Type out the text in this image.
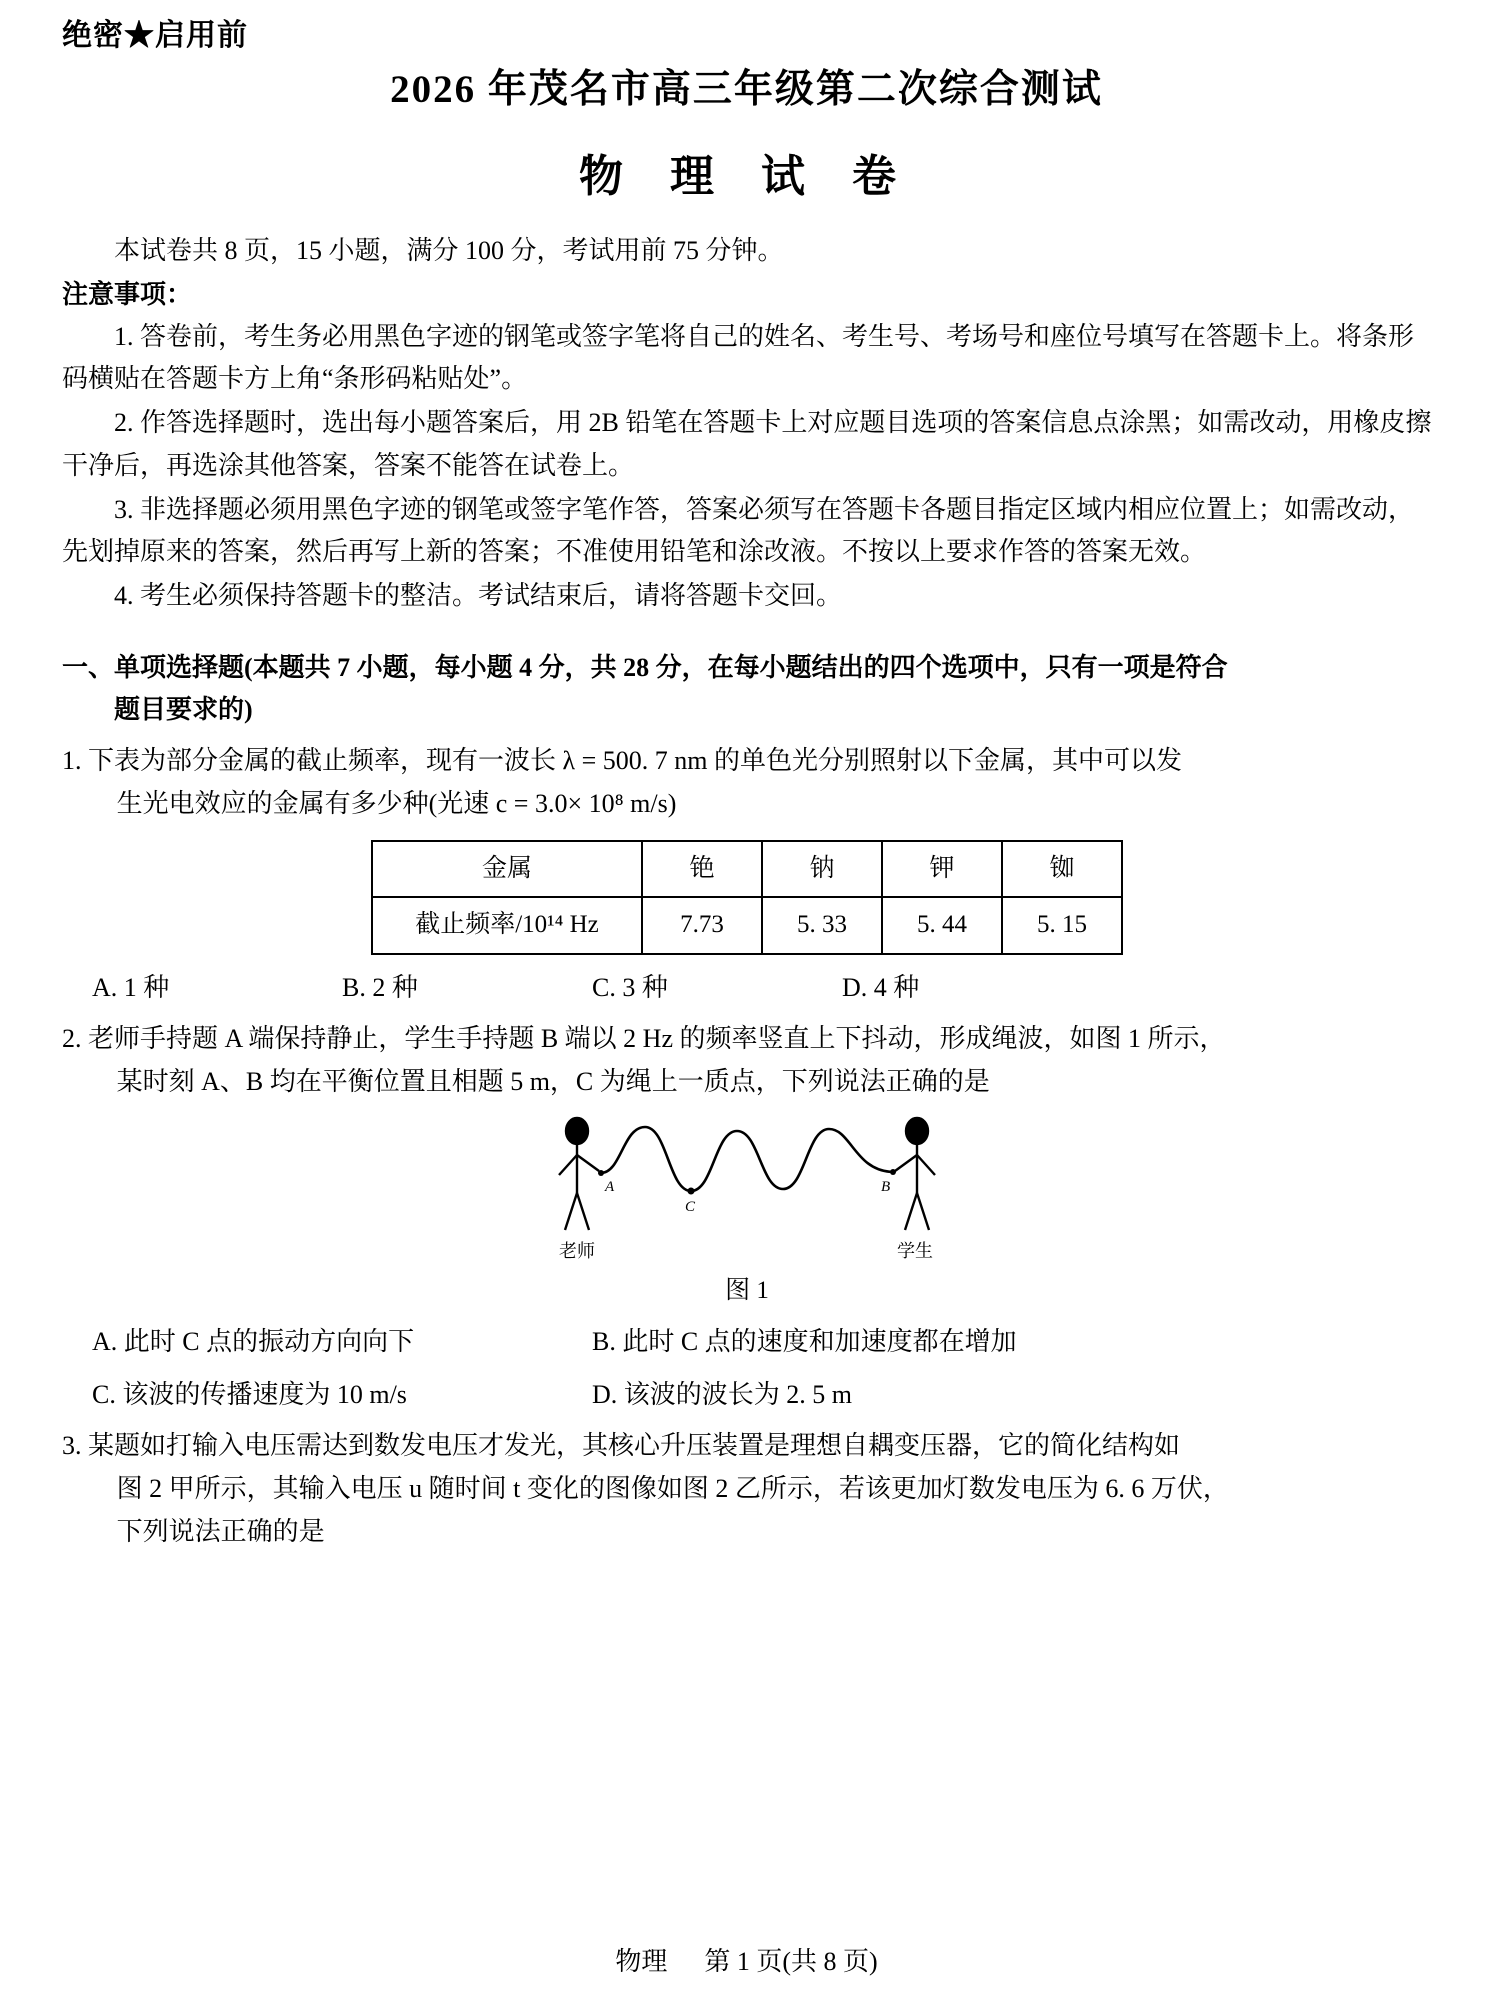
绝密★启用前
2026 年茂名市高三年级第二次综合测试
物 理 试 卷

本试卷共 8 页，15 小题，满分 100 分，考试用前 75 分钟。

注意事项：

1. 答卷前，考生务必用黑色字迹的钢笔或签字笔将自己的姓名、考生号、考场号和座位号填写在答题卡上。将条形码横贴在答题卡方上角“条形码粘贴处”。

2. 作答选择题时，选出每小题答案后，用 2B 铅笔在答题卡上对应题目选项的答案信息点涂黑；如需改动，用橡皮擦干净后，再选涂其他答案，答案不能答在试卷上。

3. 非选择题必须用黑色字迹的钢笔或签字笔作答，答案必须写在答题卡各题目指定区域内相应位置上；如需改动，先划掉原来的答案，然后再写上新的答案；不准使用铅笔和涂改液。不按以上要求作答的答案无效。

4. 考生必须保持答题卡的整洁。考试结束后，请将答题卡交回。

一、单项选择题(本题共 7 小题，每小题 4 分，共 28 分，在每小题结出的四个选项中，只有一项是符合
题目要求的)
1. 下表为部分金属的截止频率，现有一波长 λ = 500. 7 nm 的单色光分别照射以下金属，其中可以发
生光电效应的金属有多少种(光速 c = 3.0× 10⁸ m/s)
金属	铯	钠	钾	铷
截止频率/10¹⁴ Hz	7.73	5. 33	5. 44	5. 15
A. 1 种	B. 2 种	C. 3 种	D. 4 种
2. 老师手持题 A 端保持静止，学生手持题 B 端以 2 Hz 的频率竖直上下抖动，形成绳波，如图 1 所示，
某时刻 A、B 均在平衡位置且相题 5 m，C 为绳上一质点，下列说法正确的是
A
C
B
老师	学生
图 1
A. 此时 C 点的振动方向向下	B. 此时 C 点的速度和加速度都在增加
C. 该波的传播速度为 10 m/s	D. 该波的波长为 2. 5 m
3. 某题如打输入电压需达到数发电压才发光，其核心升压装置是理想自耦变压器，它的简化结构如
图 2 甲所示，其输入电压 u 随时间 t 变化的图像如图 2 乙所示，若该更加灯数发电压为 6. 6 万伏，
下列说法正确的是
物理 第 1 页(共 8 页)
